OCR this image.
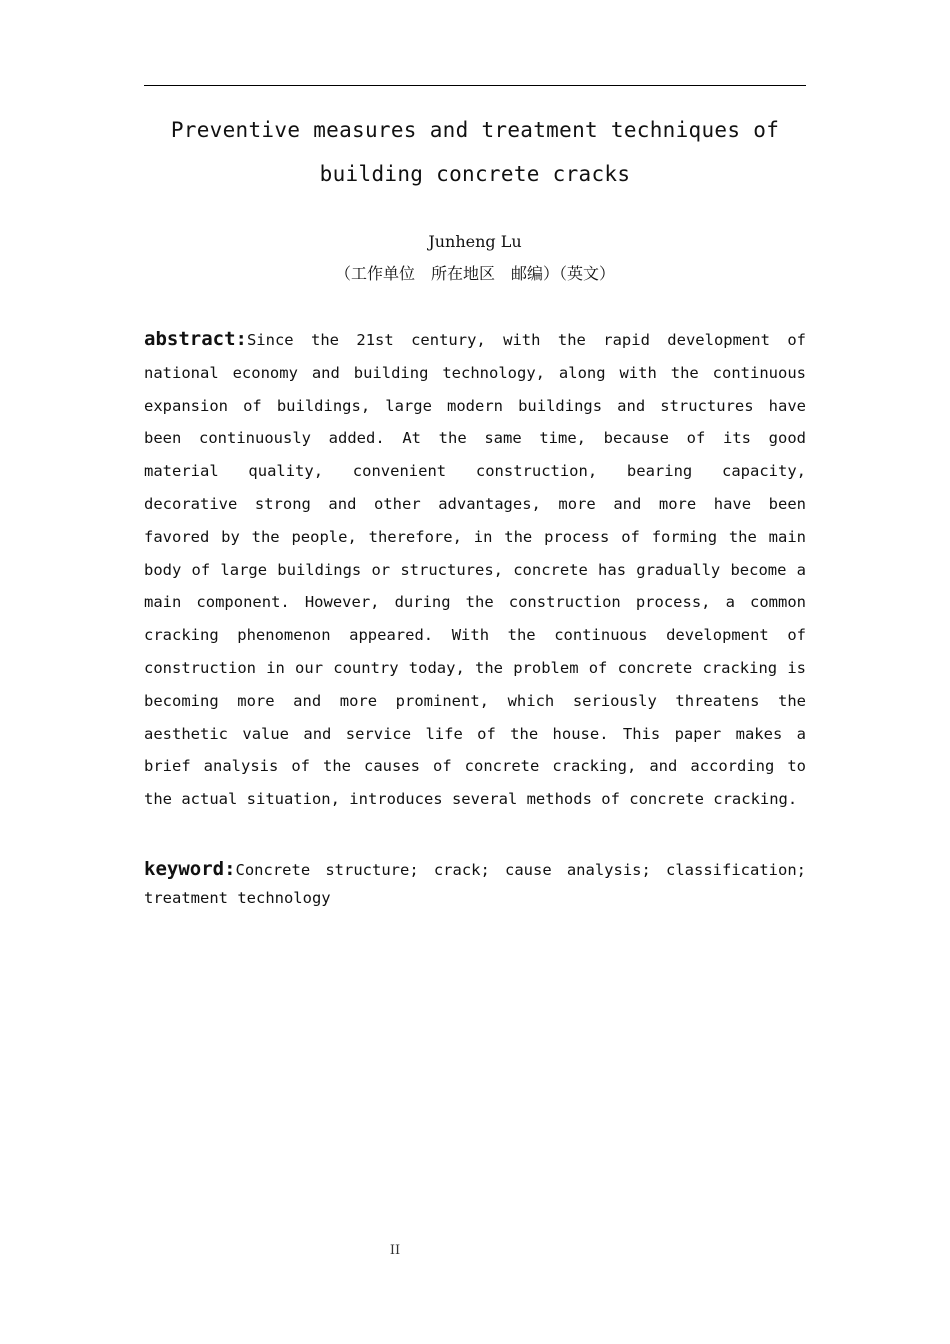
Preventive measures and treatment techniques of
building concrete cracks
Junheng Lu
（工作单位　所在地区　邮编）（英文）
abstract:Since the 21st century, with the rapid development of national economy and building technology, along with the continuous expansion of buildings, large modern buildings and structures have been continuously added. At the same time, because of its good material quality, convenient construction, bearing capacity, decorative strong and other advantages, more and more have been favored by the people, therefore, in the process of forming the main body of large buildings or structures, concrete has gradually become a main component. However, during the construction process, a common cracking phenomenon appeared. With the continuous development of construction in our country today, the problem of concrete cracking is becoming more and more prominent, which seriously threatens the aesthetic value and service life of the house. This paper makes a brief analysis of the causes of concrete cracking, and according to the actual situation, introduces several methods of concrete cracking.
keyword:Concrete structure; crack; cause analysis; classification; treatment technology
II
